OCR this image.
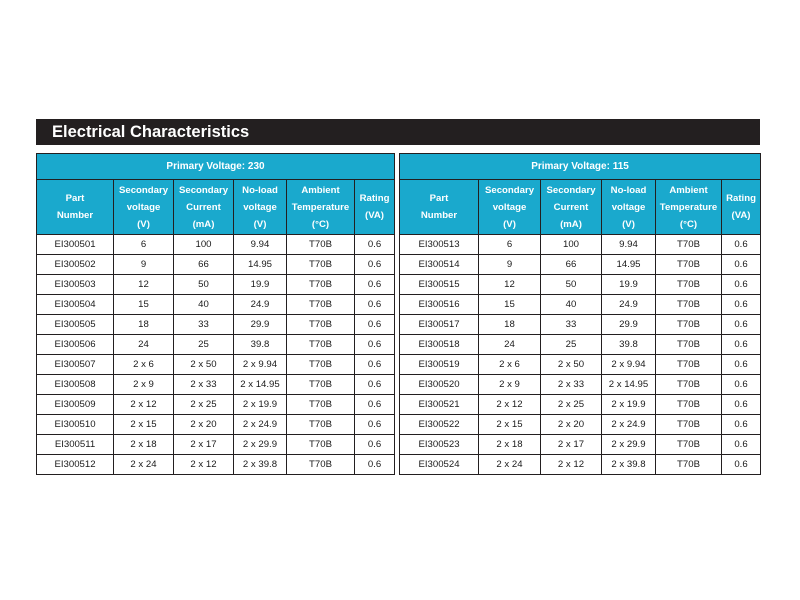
Electrical Characteristics
Primary Voltage: 230					

Part
Number	Secondary
voltage
(V)	Secondary
Current
(mA)	No-load
voltage
(V)	Ambient
Temperature
(°C)	Rating
(VA)

EI300501	6	100	9.94	T70B	0.6
EI300502	9	66	14.95	T70B	0.6
EI300503	12	50	19.9	T70B	0.6
EI300504	15	40	24.9	T70B	0.6
EI300505	18	33	29.9	T70B	0.6
EI300506	24	25	39.8	T70B	0.6
EI300507	2 x 6	2 x 50	2 x 9.94	T70B	0.6
EI300508	2 x 9	2 x 33	2 x 14.95	T70B	0.6
EI300509	2 x 12	2 x 25	2 x 19.9	T70B	0.6
EI300510	2 x 15	2 x 20	2 x 24.9	T70B	0.6
EI300511	2 x 18	2 x 17	2 x 29.9	T70B	0.6
EI300512	2 x 24	2 x 12	2 x 39.8	T70B	0.6
Primary Voltage: 115					

Part
Number	Secondary
voltage
(V)	Secondary
Current
(mA)	No-load
voltage
(V)	Ambient
Temperature
(°C)	Rating
(VA)

EI300513	6	100	9.94	T70B	0.6
EI300514	9	66	14.95	T70B	0.6
EI300515	12	50	19.9	T70B	0.6
EI300516	15	40	24.9	T70B	0.6
EI300517	18	33	29.9	T70B	0.6
EI300518	24	25	39.8	T70B	0.6
EI300519	2 x 6	2 x 50	2 x 9.94	T70B	0.6
EI300520	2 x 9	2 x 33	2 x 14.95	T70B	0.6
EI300521	2 x 12	2 x 25	2 x 19.9	T70B	0.6
EI300522	2 x 15	2 x 20	2 x 24.9	T70B	0.6
EI300523	2 x 18	2 x 17	2 x 29.9	T70B	0.6
EI300524	2 x 24	2 x 12	2 x 39.8	T70B	0.6
